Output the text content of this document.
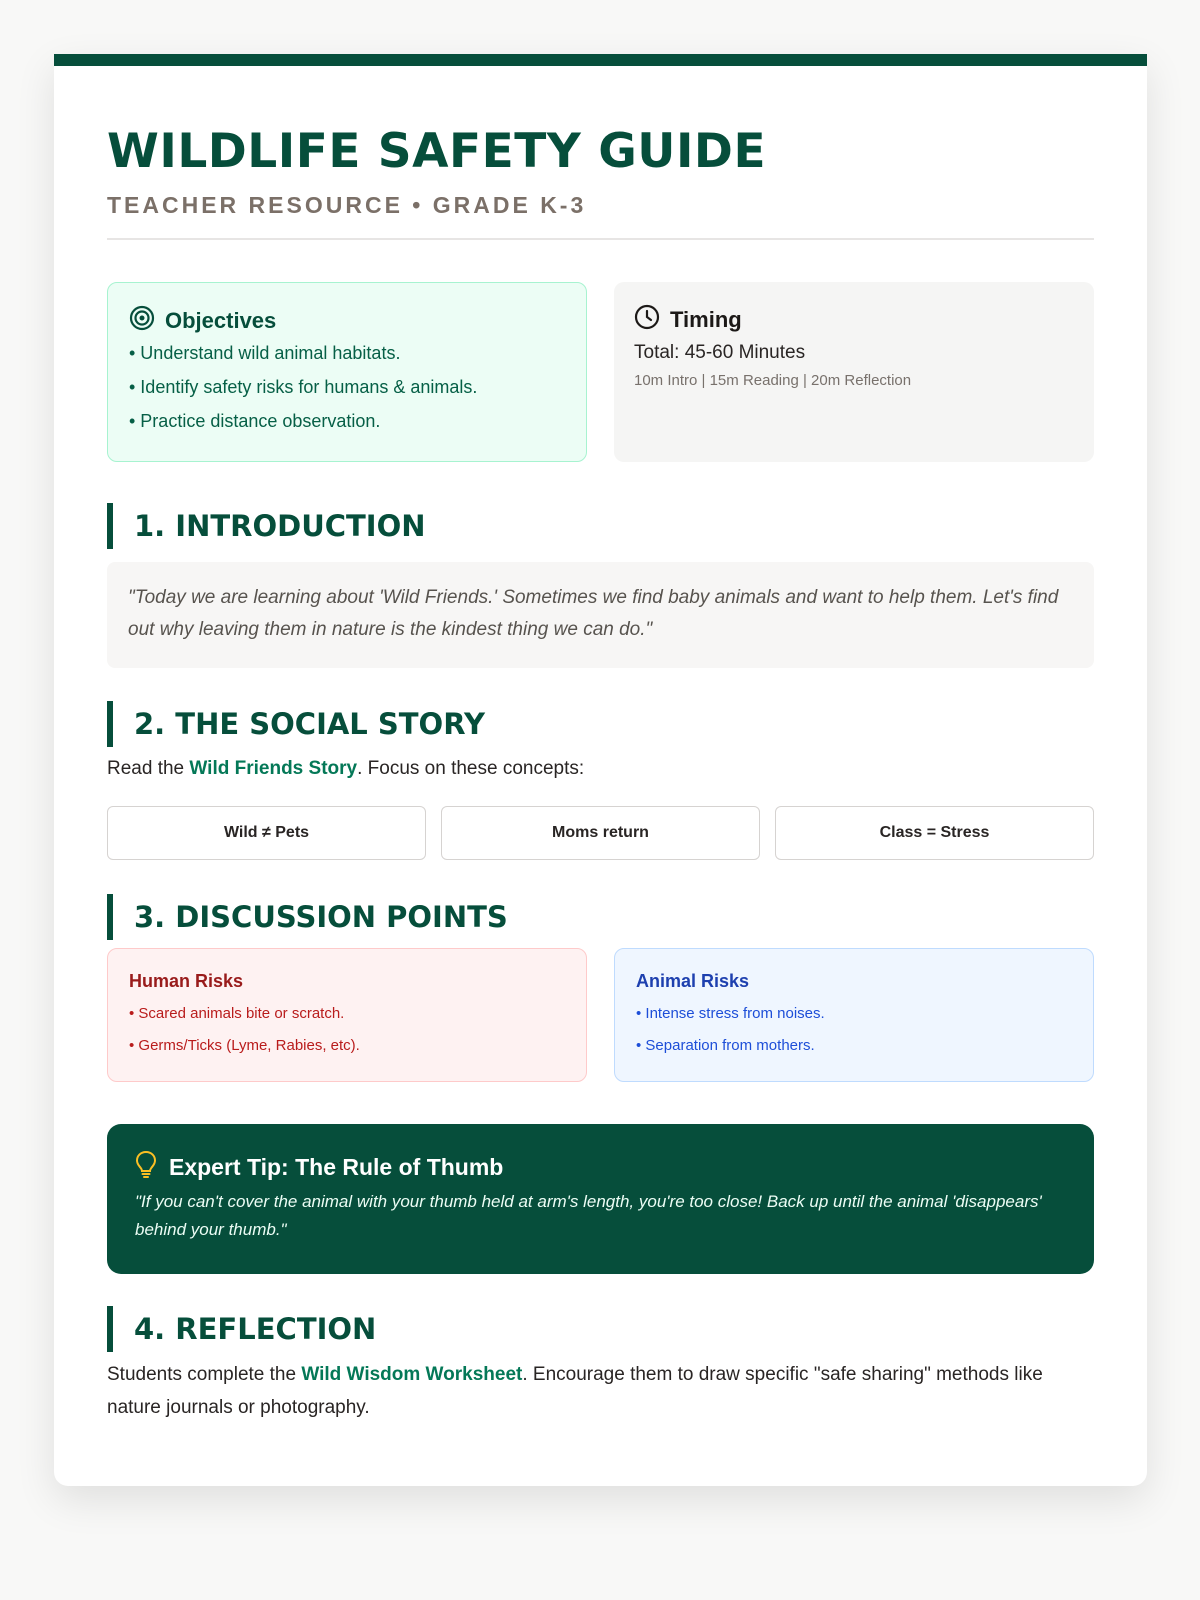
WILDLIFE SAFETY GUIDE
TEACHER RESOURCE • GRADE K-3
Objectives
• Understand wild animal habitats.
• Identify safety risks for humans & animals.
• Practice distance observation.
Timing
Total: 45-60 Minutes
10m Intro | 15m Reading | 20m Reflection
1. INTRODUCTION
"Today we are learning about 'Wild Friends.' Sometimes we find baby animals and want to help them. Let's find out why leaving them in nature is the kindest thing we can do."
2. THE SOCIAL STORY
Read the Wild Friends Story. Focus on these concepts:
Wild ≠ Pets	Moms return	Class = Stress
3. DISCUSSION POINTS
Human Risks
• Scared animals bite or scratch.
• Germs/Ticks (Lyme, Rabies, etc).
Animal Risks
• Intense stress from noises.
• Separation from mothers.
Expert Tip: The Rule of Thumb
"If you can't cover the animal with your thumb held at arm's length, you're too close! Back up until the animal 'disappears' behind your thumb."
4. REFLECTION
Students complete the Wild Wisdom Worksheet. Encourage them to draw specific "safe sharing" methods like nature journals or photography.
